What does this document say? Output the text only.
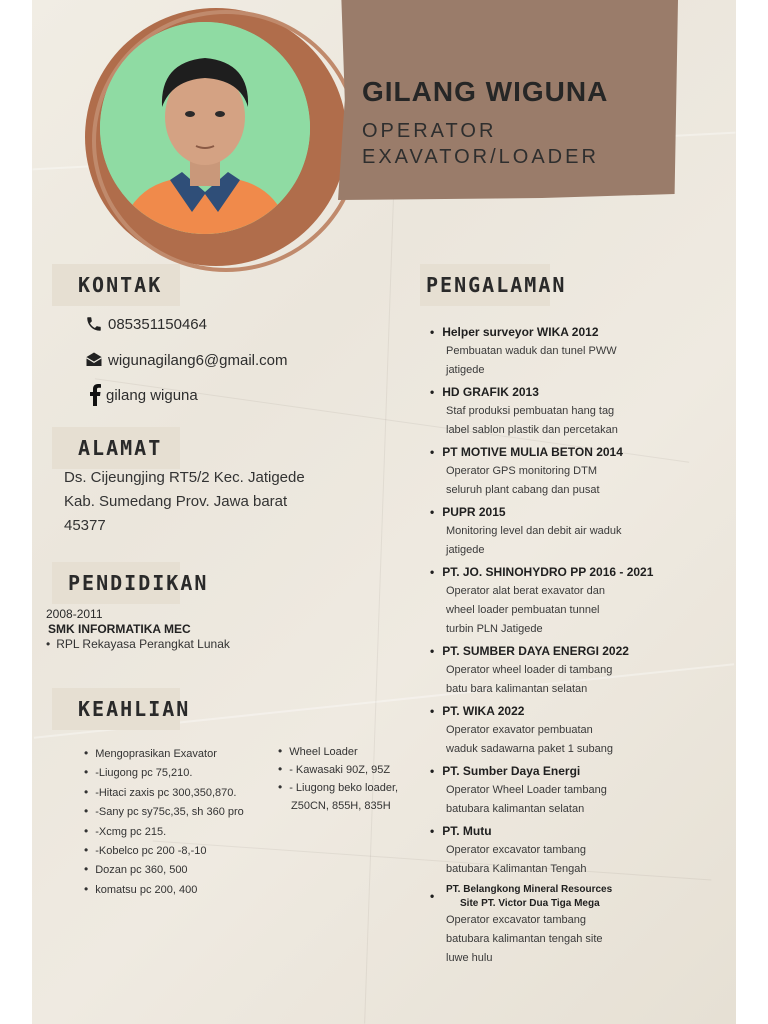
GILANG WIGUNA
OPERATOR
EXAVATOR/LOADER
KONTAK
085351150464
wigunagilang6@gmail.com
gilang wiguna
ALAMAT
Ds. Cijeungjing RT5/2 Kec. Jatigede
Kab. Sumedang Prov. Jawa barat
45377
PENDIDIKAN
2008-2011
SMK INFORMATIKA MEC
• RPL Rekayasa Perangkat Lunak
KEAHLIAN
• Mengoprasikan Exavator
• -Liugong pc 75,210.
• -Hitaci zaxis pc 300,350,870.
• -Sany pc sy75c,35, sh 360 pro
• -Xcmg pc 215.
• -Kobelco pc 200 -8,-10
• Dozan pc 360, 500
• komatsu pc 200, 400
• Wheel Loader
• - Kawasaki 90Z, 95Z
• - Liugong beko loader,
Z50CN, 855H, 835H
PENGALAMAN
• Helper surveyor WIKA 2012
Pembuatan waduk dan tunel PWW
jatigede
• HD GRAFIK 2013
Staf produksi pembuatan hang tag
label sablon plastik dan percetakan
• PT MOTIVE MULIA BETON 2014
Operator GPS monitoring DTM
seluruh plant cabang dan pusat
• PUPR 2015
Monitoring level dan debit air waduk
jatigede
• PT. JO. SHINOHYDRO PP 2016 - 2021
Operator alat berat exavator dan
wheel loader pembuatan tunnel
turbin PLN Jatigede
• PT. SUMBER DAYA ENERGI 2022
Operator wheel loader di tambang
batu bara kalimantan selatan
• PT. WIKA 2022
Operator exavator pembuatan
waduk sadawarna paket 1 subang
• PT. Sumber Daya Energi
Operator Wheel Loader tambang
batubara kalimantan selatan
• PT. Mutu
Operator excavator tambang
batubara Kalimantan Tengah
• PT. Belangkong Mineral Resources
Site PT. Victor Dua Tiga Mega
Operator excavator tambang
batubara kalimantan tengah site
luwe hulu
